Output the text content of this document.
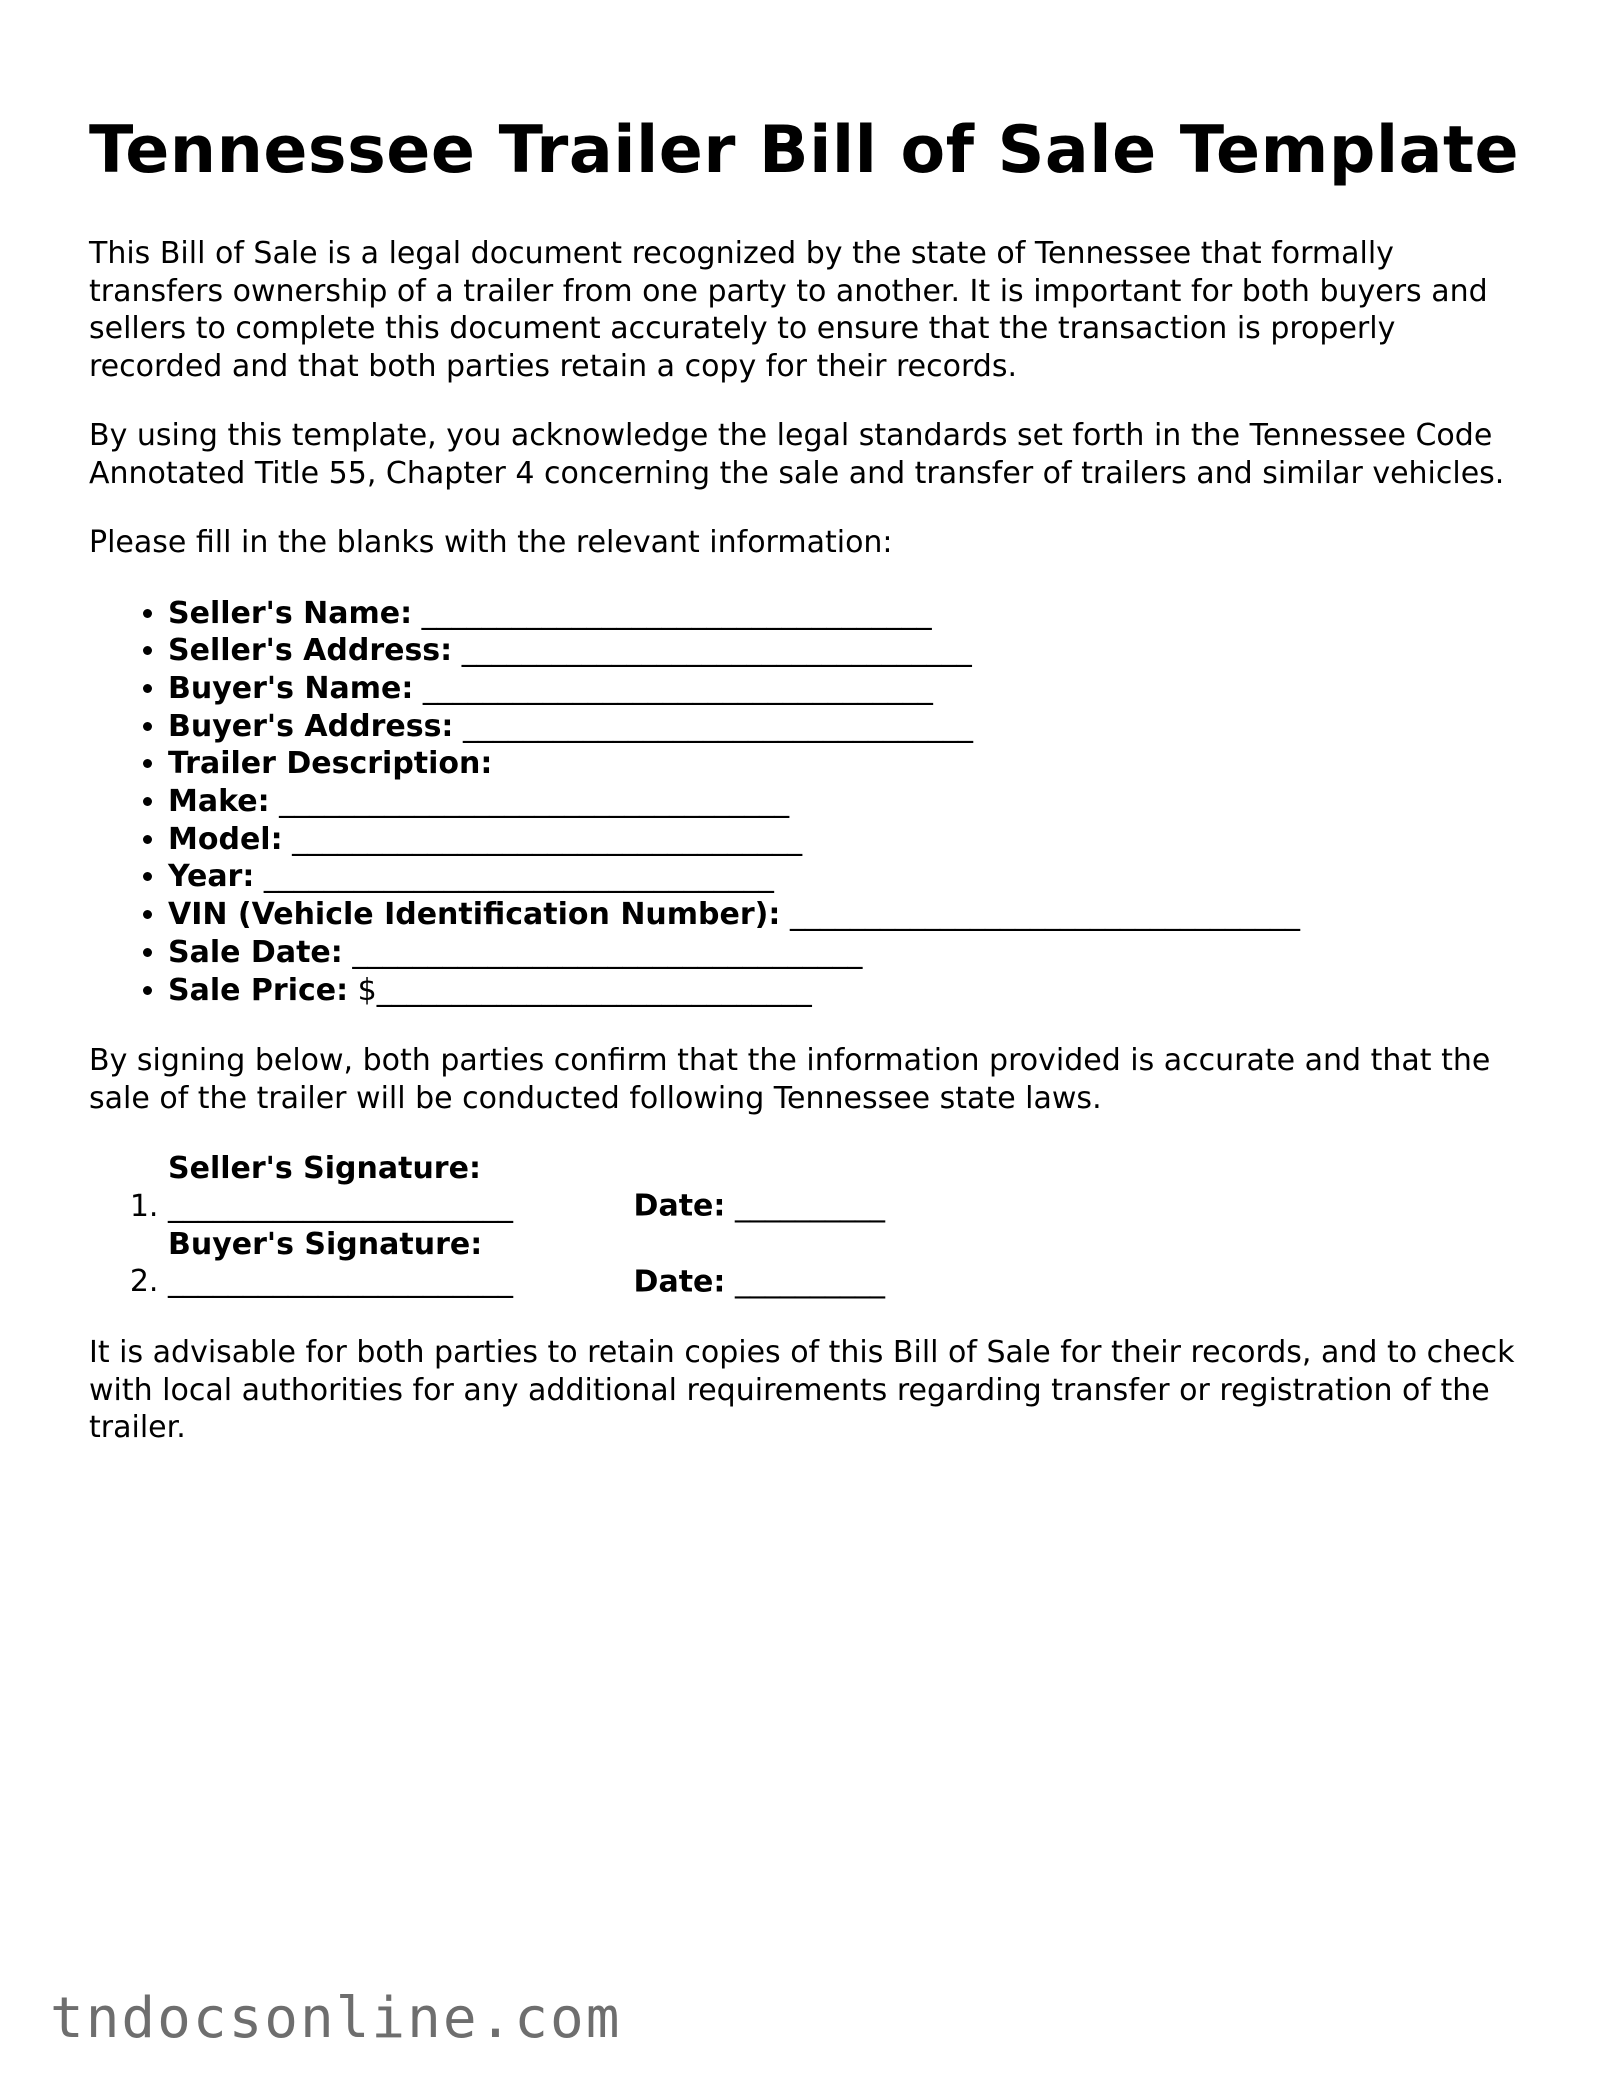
Tennessee Trailer Bill of Sale Template

This Bill of Sale is a legal document recognized by the state of Tennessee that formally transfers ownership of a trailer from one party to another. It is important for both buyers and sellers to complete this document accurately to ensure that the transaction is properly recorded and that both parties retain a copy for their records.

By using this template, you acknowledge the legal standards set forth in the Tennessee Code Annotated Title 55, Chapter 4 concerning the sale and transfer of trailers and similar vehicles.

Please fill in the blanks with the relevant information:

• Seller's Name: __________________________________
• Seller's Address: __________________________________
• Buyer's Name: __________________________________
• Buyer's Address: __________________________________
• Trailer Description:
• Make: __________________________________
• Model: __________________________________
• Year: __________________________________
• VIN (Vehicle Identification Number): __________________________________
• Sale Date: __________________________________
• Sale Price: $_____________________________

By signing below, both parties confirm that the information provided is accurate and that the sale of the trailer will be conducted following Tennessee state laws.

1. Seller's Signature: _______________________	Date: __________
2. Buyer's Signature: _______________________	Date: __________

It is advisable for both parties to retain copies of this Bill of Sale for their records, and to check with local authorities for any additional requirements regarding transfer or registration of the trailer.

tndocsonline.com
